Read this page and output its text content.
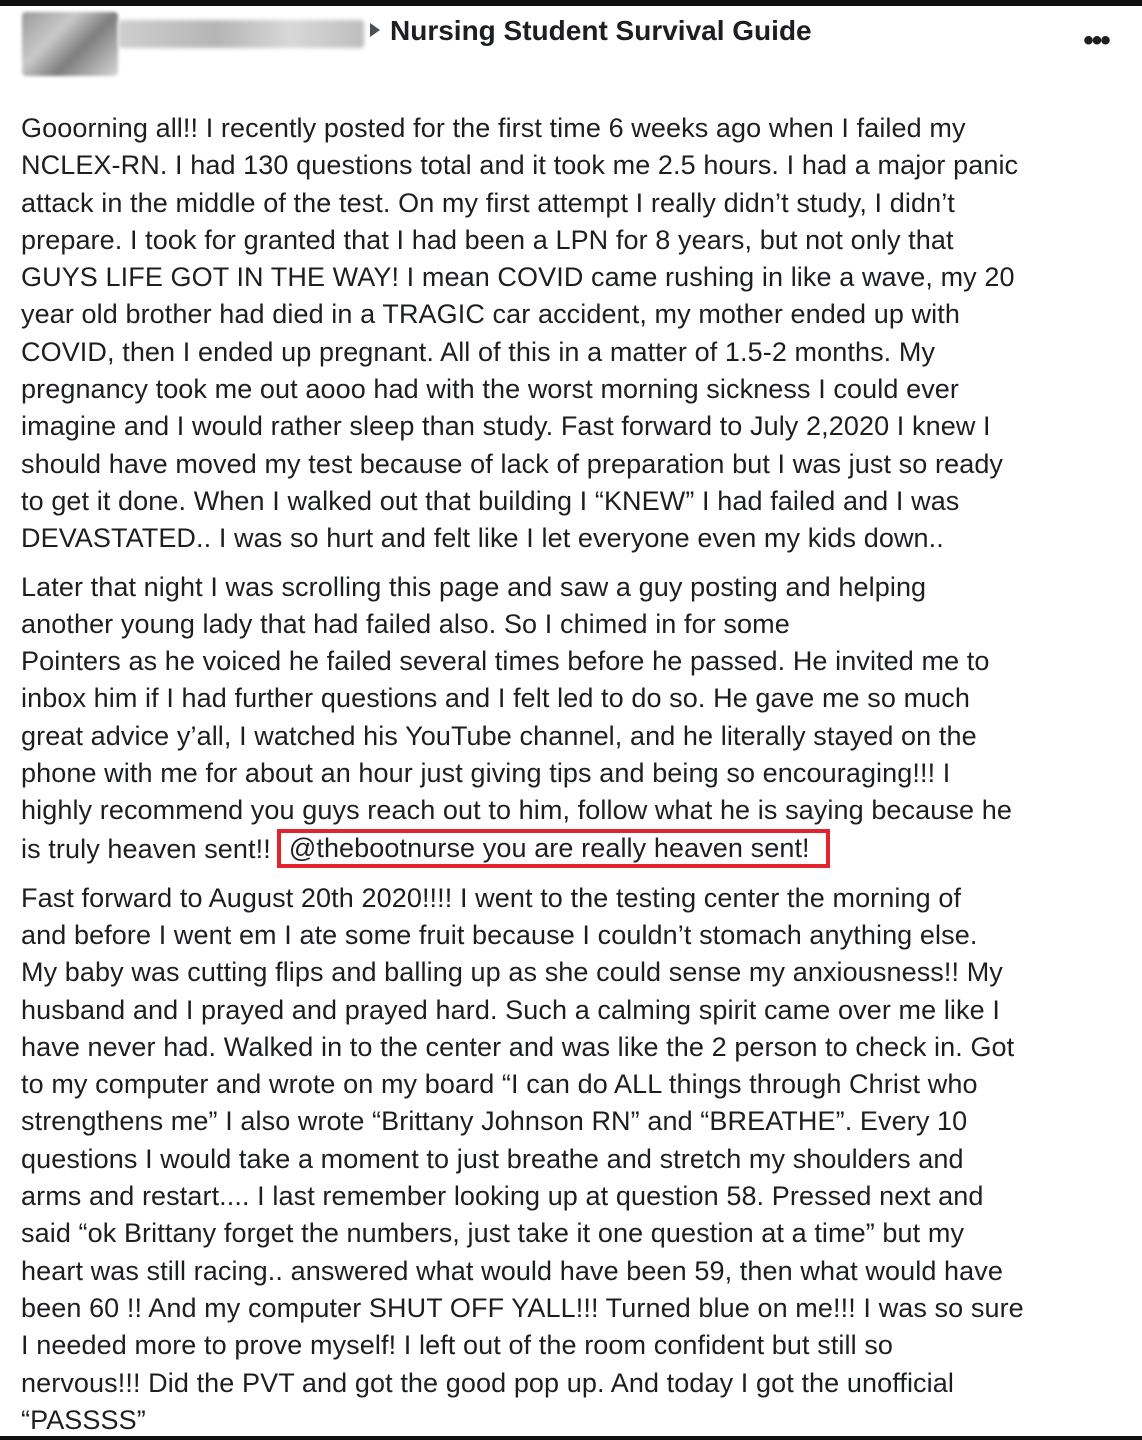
Nursing Student Survival Guide	•••

Gooorning all!! I recently posted for the first time 6 weeks ago when I failed my
NCLEX-RN. I had 130 questions total and it took me 2.5 hours. I had a major panic
attack in the middle of the test. On my first attempt I really didn’t study, I didn’t
prepare. I took for granted that I had been a LPN for 8 years, but not only that
GUYS LIFE GOT IN THE WAY! I mean COVID came rushing in like a wave, my 20
year old brother had died in a TRAGIC car accident, my mother ended up with
COVID, then I ended up pregnant. All of this in a matter of 1.5-2 months. My
pregnancy took me out aooo had with the worst morning sickness I could ever
imagine and I would rather sleep than study. Fast forward to July 2,2020 I knew I
should have moved my test because of lack of preparation but I was just so ready
to get it done. When I walked out that building I “KNEW” I had failed and I was
DEVASTATED.. I was so hurt and felt like I let everyone even my kids down..

Later that night I was scrolling this page and saw a guy posting and helping
another young lady that had failed also. So I chimed in for some
Pointers as he voiced he failed several times before he passed. He invited me to
inbox him if I had further questions and I felt led to do so. He gave me so much
great advice y’all, I watched his YouTube channel, and he literally stayed on the
phone with me for about an hour just giving tips and being so encouraging!!! I
highly recommend you guys reach out to him, follow what he is saying because he
is truly heaven sent!! @thebootnurse you are really heaven sent!

Fast forward to August 20th 2020!!!! I went to the testing center the morning of
and before I went em I ate some fruit because I couldn’t stomach anything else.
My baby was cutting flips and balling up as she could sense my anxiousness!! My
husband and I prayed and prayed hard. Such a calming spirit came over me like I
have never had. Walked in to the center and was like the 2 person to check in. Got
to my computer and wrote on my board “I can do ALL things through Christ who
strengthens me” I also wrote “Brittany Johnson RN” and “BREATHE”. Every 10
questions I would take a moment to just breathe and stretch my shoulders and
arms and restart.... I last remember looking up at question 58. Pressed next and
said “ok Brittany forget the numbers, just take it one question at a time” but my
heart was still racing.. answered what would have been 59, then what would have
been 60 !! And my computer SHUT OFF YALL!!! Turned blue on me!!! I was so sure
I needed more to prove myself! I left out of the room confident but still so
nervous!!! Did the PVT and got the good pop up. And today I got the unofficial
“PASSSS”
